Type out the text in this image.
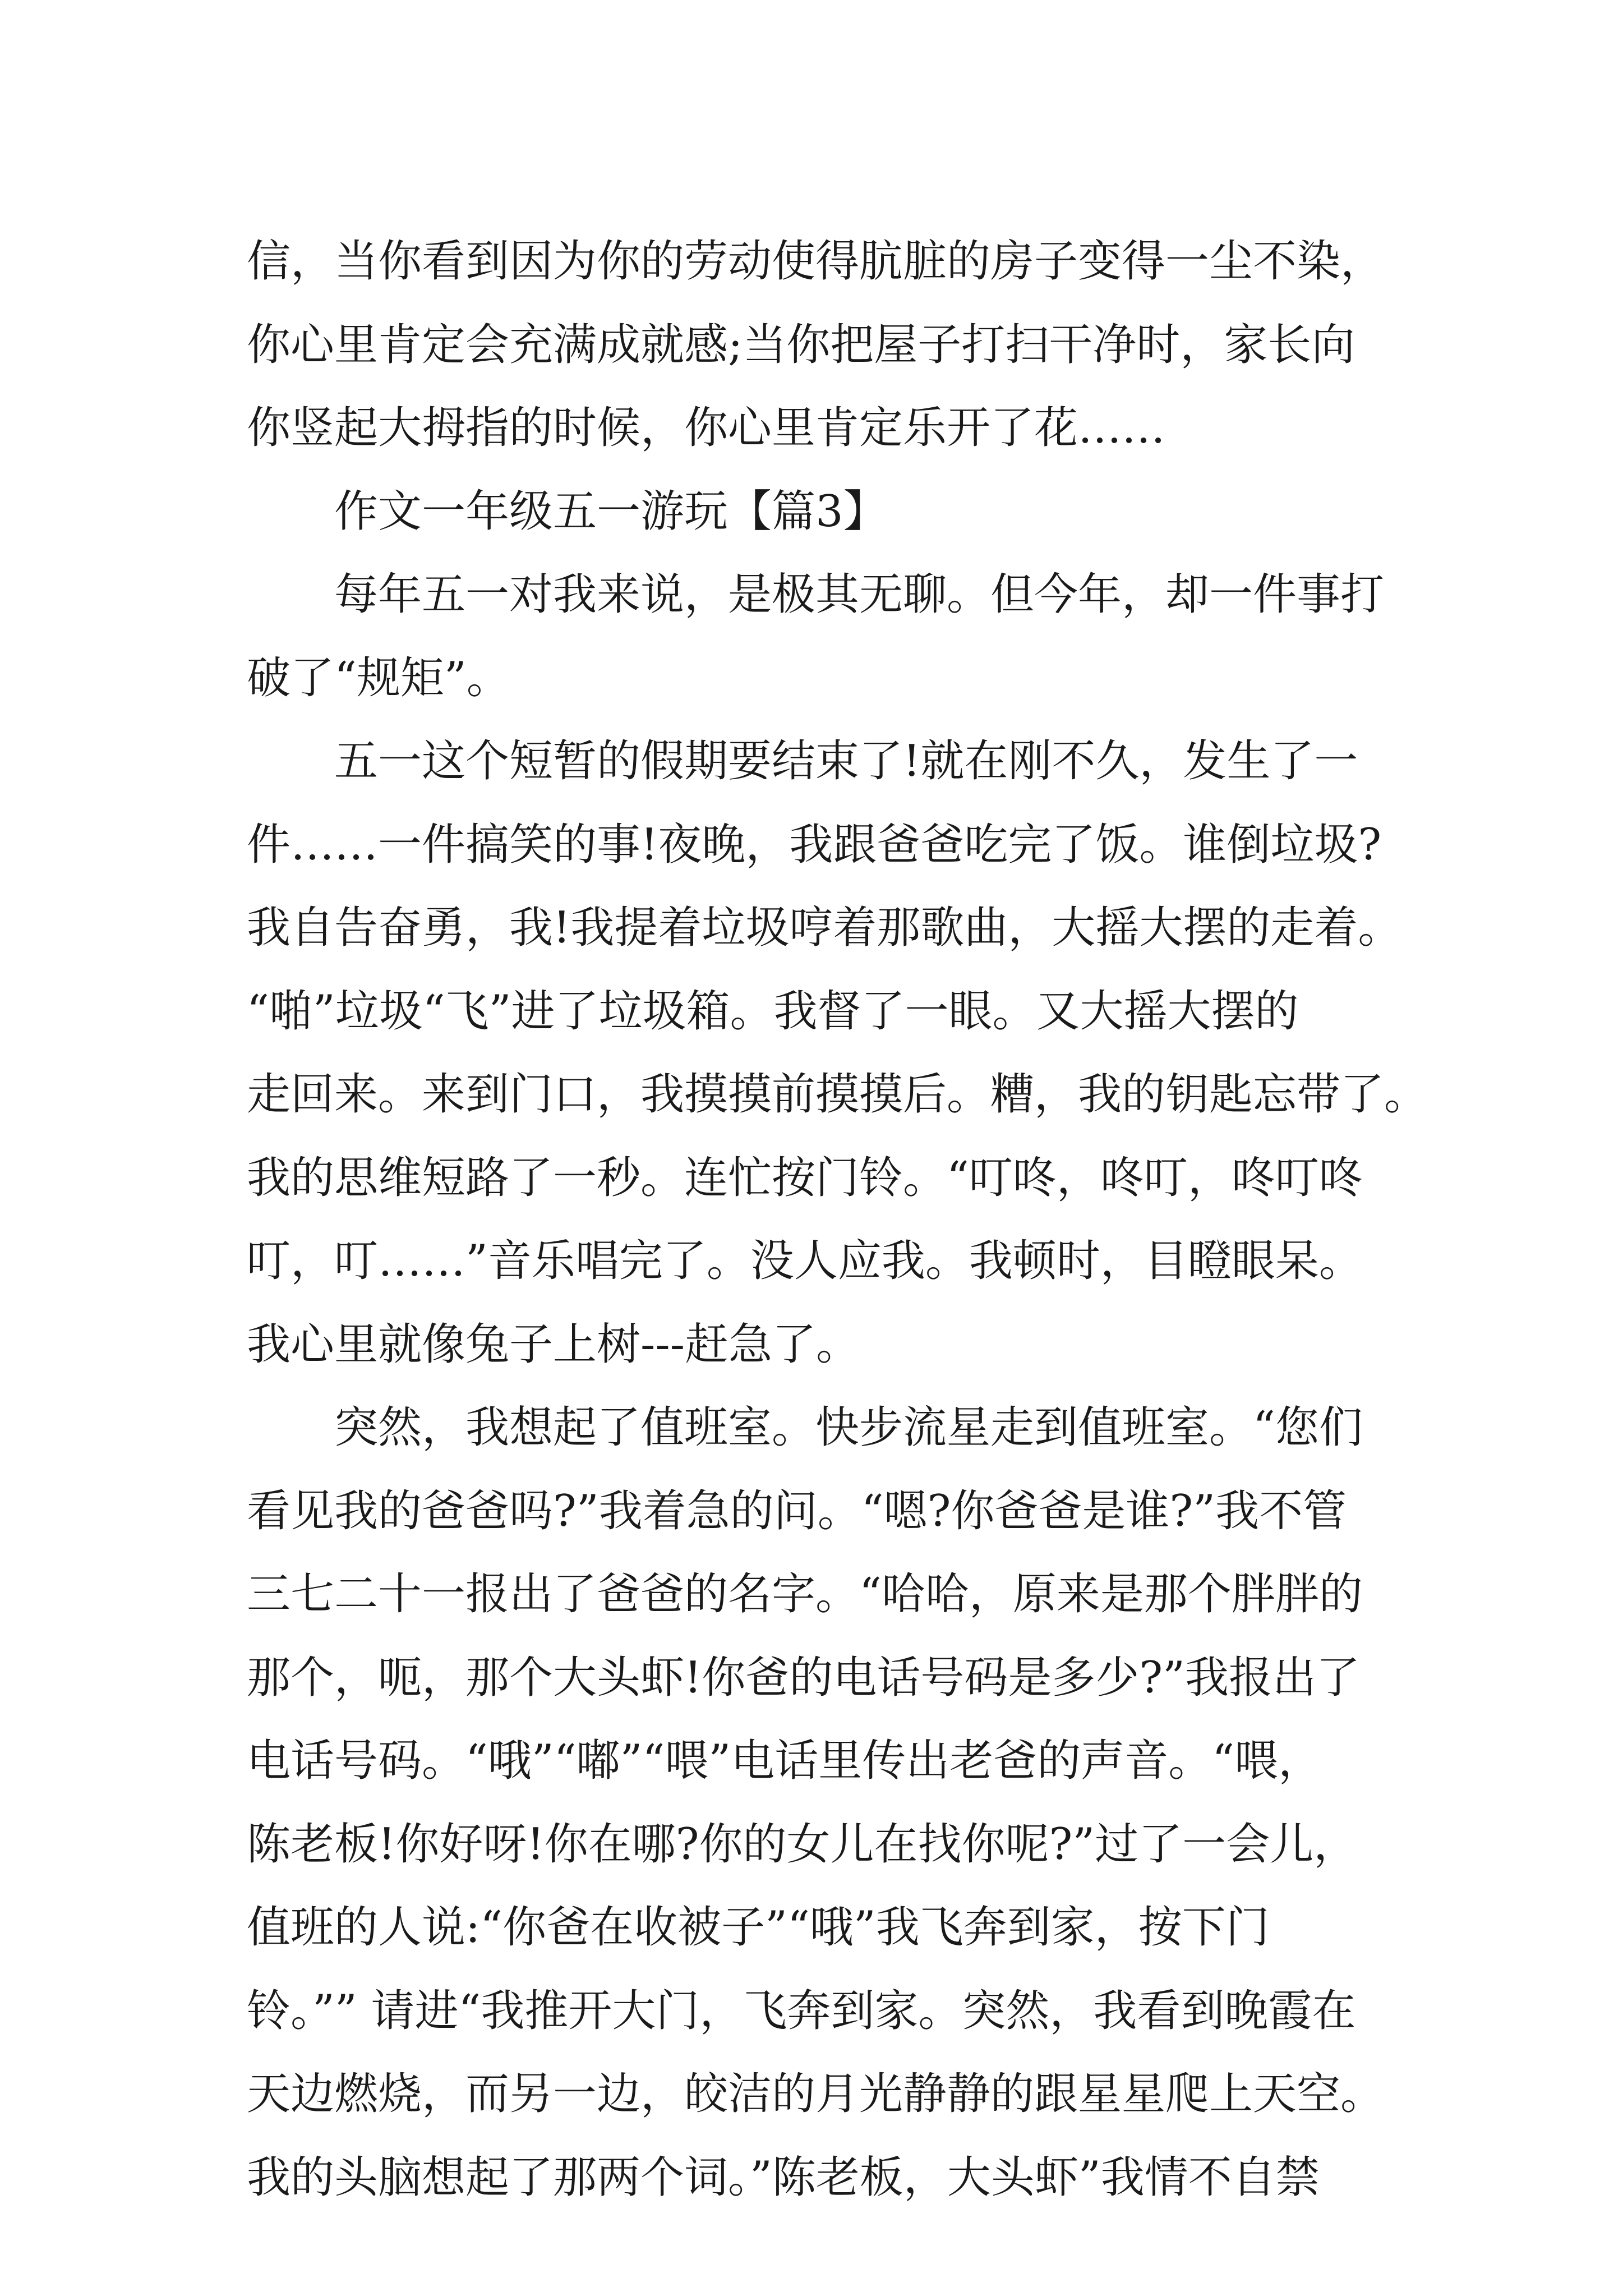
信，当你看到因为你的劳动使得肮脏的房子变得一尘不染，
你心里肯定会充满成就感;当你把屋子打扫干净时，家长向
你竖起大拇指的时候，你心里肯定乐开了花……
作文一年级五一游玩【篇3】
每年五一对我来说，是极其无聊。但今年，却一件事打
破了“规矩”。
五一这个短暂的假期要结束了!就在刚不久，发生了一
件……一件搞笑的事!夜晚，我跟爸爸吃完了饭。谁倒垃圾?
我自告奋勇，我!我提着垃圾哼着那歌曲，大摇大摆的走着。
“啪”垃圾“飞”进了垃圾箱。我督了一眼。又大摇大摆的
走回来。来到门口，我摸摸前摸摸后。糟，我的钥匙忘带了。
我的思维短路了一秒。连忙按门铃。“叮咚，咚叮，咚叮咚
叮，叮……”音乐唱完了。没人应我。我顿时，目瞪眼呆。
我心里就像兔子上树---赶急了。
突然，我想起了值班室。快步流星走到值班室。“您们
看见我的爸爸吗?”我着急的问。“嗯?你爸爸是谁?”我不管
三七二十一报出了爸爸的名字。“哈哈，原来是那个胖胖的
那个，呃，那个大头虾!你爸的电话号码是多少?”我报出了
电话号码。“哦”“嘟”“喂”电话里传出老爸的声音。“喂，
陈老板!你好呀!你在哪?你的女儿在找你呢?”过了一会儿，
值班的人说:“你爸在收被子”“哦”我飞奔到家，按下门
铃。”” 请进“我推开大门，飞奔到家。突然，我看到晚霞在
天边燃烧，而另一边，皎洁的月光静静的跟星星爬上天空。
我的头脑想起了那两个词。”陈老板，大头虾”我情不自禁
